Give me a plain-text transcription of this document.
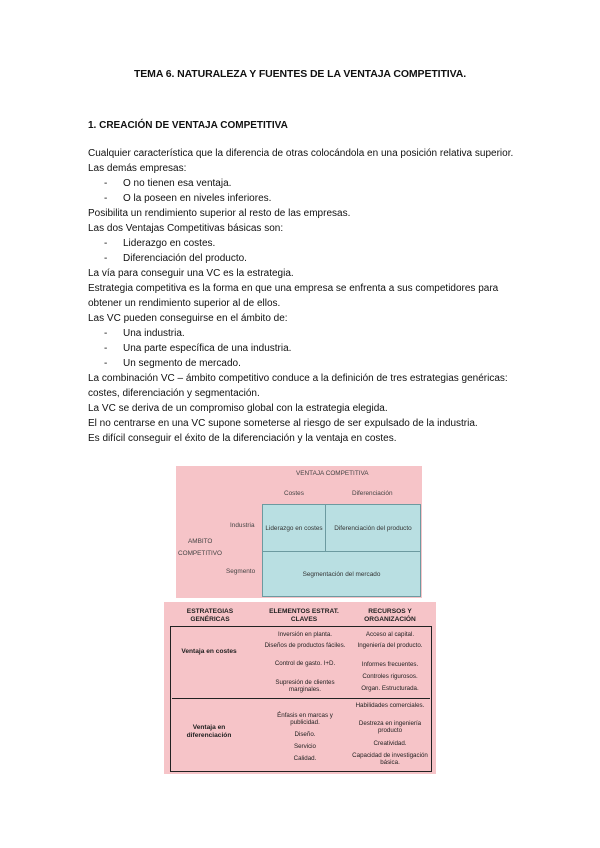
TEMA 6. NATURALEZA Y FUENTES DE LA VENTAJA COMPETITIVA.
1. CREACIÓN DE VENTAJA COMPETITIVA

Cualquier característica que la diferencia de otras colocándola en una posición relativa superior.

Las demás empresas:

- O no tienen esa ventaja.

- O la poseen en niveles inferiores.

Posibilita un rendimiento superior al resto de las empresas.

Las dos Ventajas Competitivas básicas son:

- Liderazgo en costes.

- Diferenciación del producto.

La vía para conseguir una VC es la estrategia.

Estrategia competitiva es la forma en que una empresa se enfrenta a sus competidores para obtener un rendimiento superior al de ellos.

Las VC pueden conseguirse en el ámbito de:

- Una industria.

- Una parte específica de una industria.

- Un segmento de mercado.

La combinación VC – ámbito competitivo conduce a la definición de tres estrategias genéricas: costes, diferenciación y segmentación.

La VC se deriva de un compromiso global con la estrategia elegida.

El no centrarse en una VC supone someterse al riesgo de ser expulsado de la industria.

Es difícil conseguir el éxito de la diferenciación y la ventaja en costes.

VENTAJA COMPETITIVA
Costes	Diferenciación
Industria
Segmento
AMBITO
COMPETITIVO
Liderazgo en costes	Diferenciación del producto
Segmentación del mercado
ESTRATEGIAS GENÉRICAS
ELEMENTOS ESTRAT. CLAVES
RECURSOS Y ORGANIZACIÓN
Ventaja en costes
Ventaja en diferenciación
Inversión en planta.
Diseños de productos fáciles.
Control de gasto. I+D.
Supresión de clientes marginales.
Acceso al capital.
Ingeniería del producto.
Informes frecuentes.
Controles rigurosos.
Organ. Estructurada.
Énfasis en marcas y publicidad.
Diseño.
Servicio
Calidad.
Habilidades comerciales.
Destreza en ingeniería producto
Creatividad.
Capacidad de investigación básica.
